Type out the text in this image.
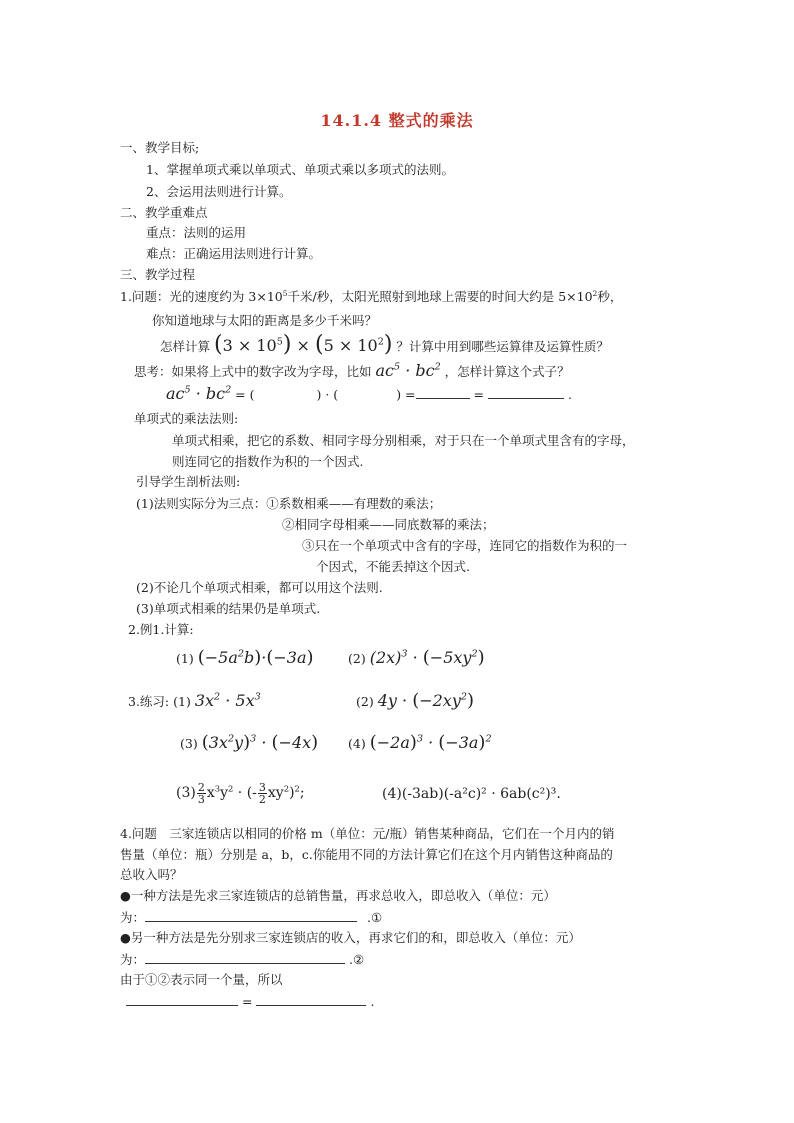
14.1.4 整式的乘法
一、教学目标;
1、掌握单项式乘以单项式、单项式乘以多项式的法则。
2、会运用法则进行计算。
二、教学重难点
重点：法则的运用
难点：正确运用法则进行计算。
三、教学过程
1.问题：光的速度约为 $3\times 10^5$千米/秒，太阳光照射到地球上需要的时间大约是 $5\times 10^2$秒，
你知道地球与太阳的距离是多少千米吗？
怎样计算 $(3 \times 10^5) \times (5 \times 10^2)$ ？计算中用到哪些运算律及运算性质？
思考：如果将上式中的数字改为字母，比如 $ac^5 \cdot bc^2$ ，怎样计算这个式子？
$ac^5 \cdot bc^2$ = (	) · (	) =	=	.
单项式的乘法法则:
单项式相乘，把它的系数、相同字母分别相乘，对于只在一个单项式里含有的字母，
则连同它的指数作为积的一个因式.
引导学生剖析法则:
(1)法则实际分为三点：①系数相乘——有理数的乘法；
②相同字母相乘——同底数幂的乘法；
③只在一个单项式中含有的字母，连同它的指数作为积的一
个因式，不能丢掉这个因式.
(2)不论几个单项式相乘，都可以用这个法则.
(3)单项式相乘的结果仍是单项式.
2.例1.计算:
(1) $(-5a^2b)\cdot(-3a)$	(2) $(2x)^3 \cdot (-5xy^2)$
3.练习: (1) $3x^2 \cdot 5x^3$	(2) $4y \cdot (-2xy^2)$
(3) $(3x^2y)^3 \cdot (-4x)$ (4) $(-2a)^3 \cdot (-3a)^2$
$(3) \frac{2}{3} x^3y^2$ · (- $\frac{3}{2} xy^2)^2$;	(4)(-3ab)(-a²c)² · 6ab(c²)³.
4.问题　三家连锁店以相同的价格 m（单位：元/瓶）销售某种商品，它们在一个月内的销
售量（单位：瓶）分别是 a，b，c.你能用不同的方法计算它们在这个月内销售这种商品的
总收入吗？
●一种方法是先求三家连锁店的总销售量，再求总收入，即总收入（单位：元）
为：	.①
●另一种方法是先分别求三家连锁店的收入，再求它们的和，即总收入（单位：元）
为：	.②
由于①②表示同一个量，所以
=	.
